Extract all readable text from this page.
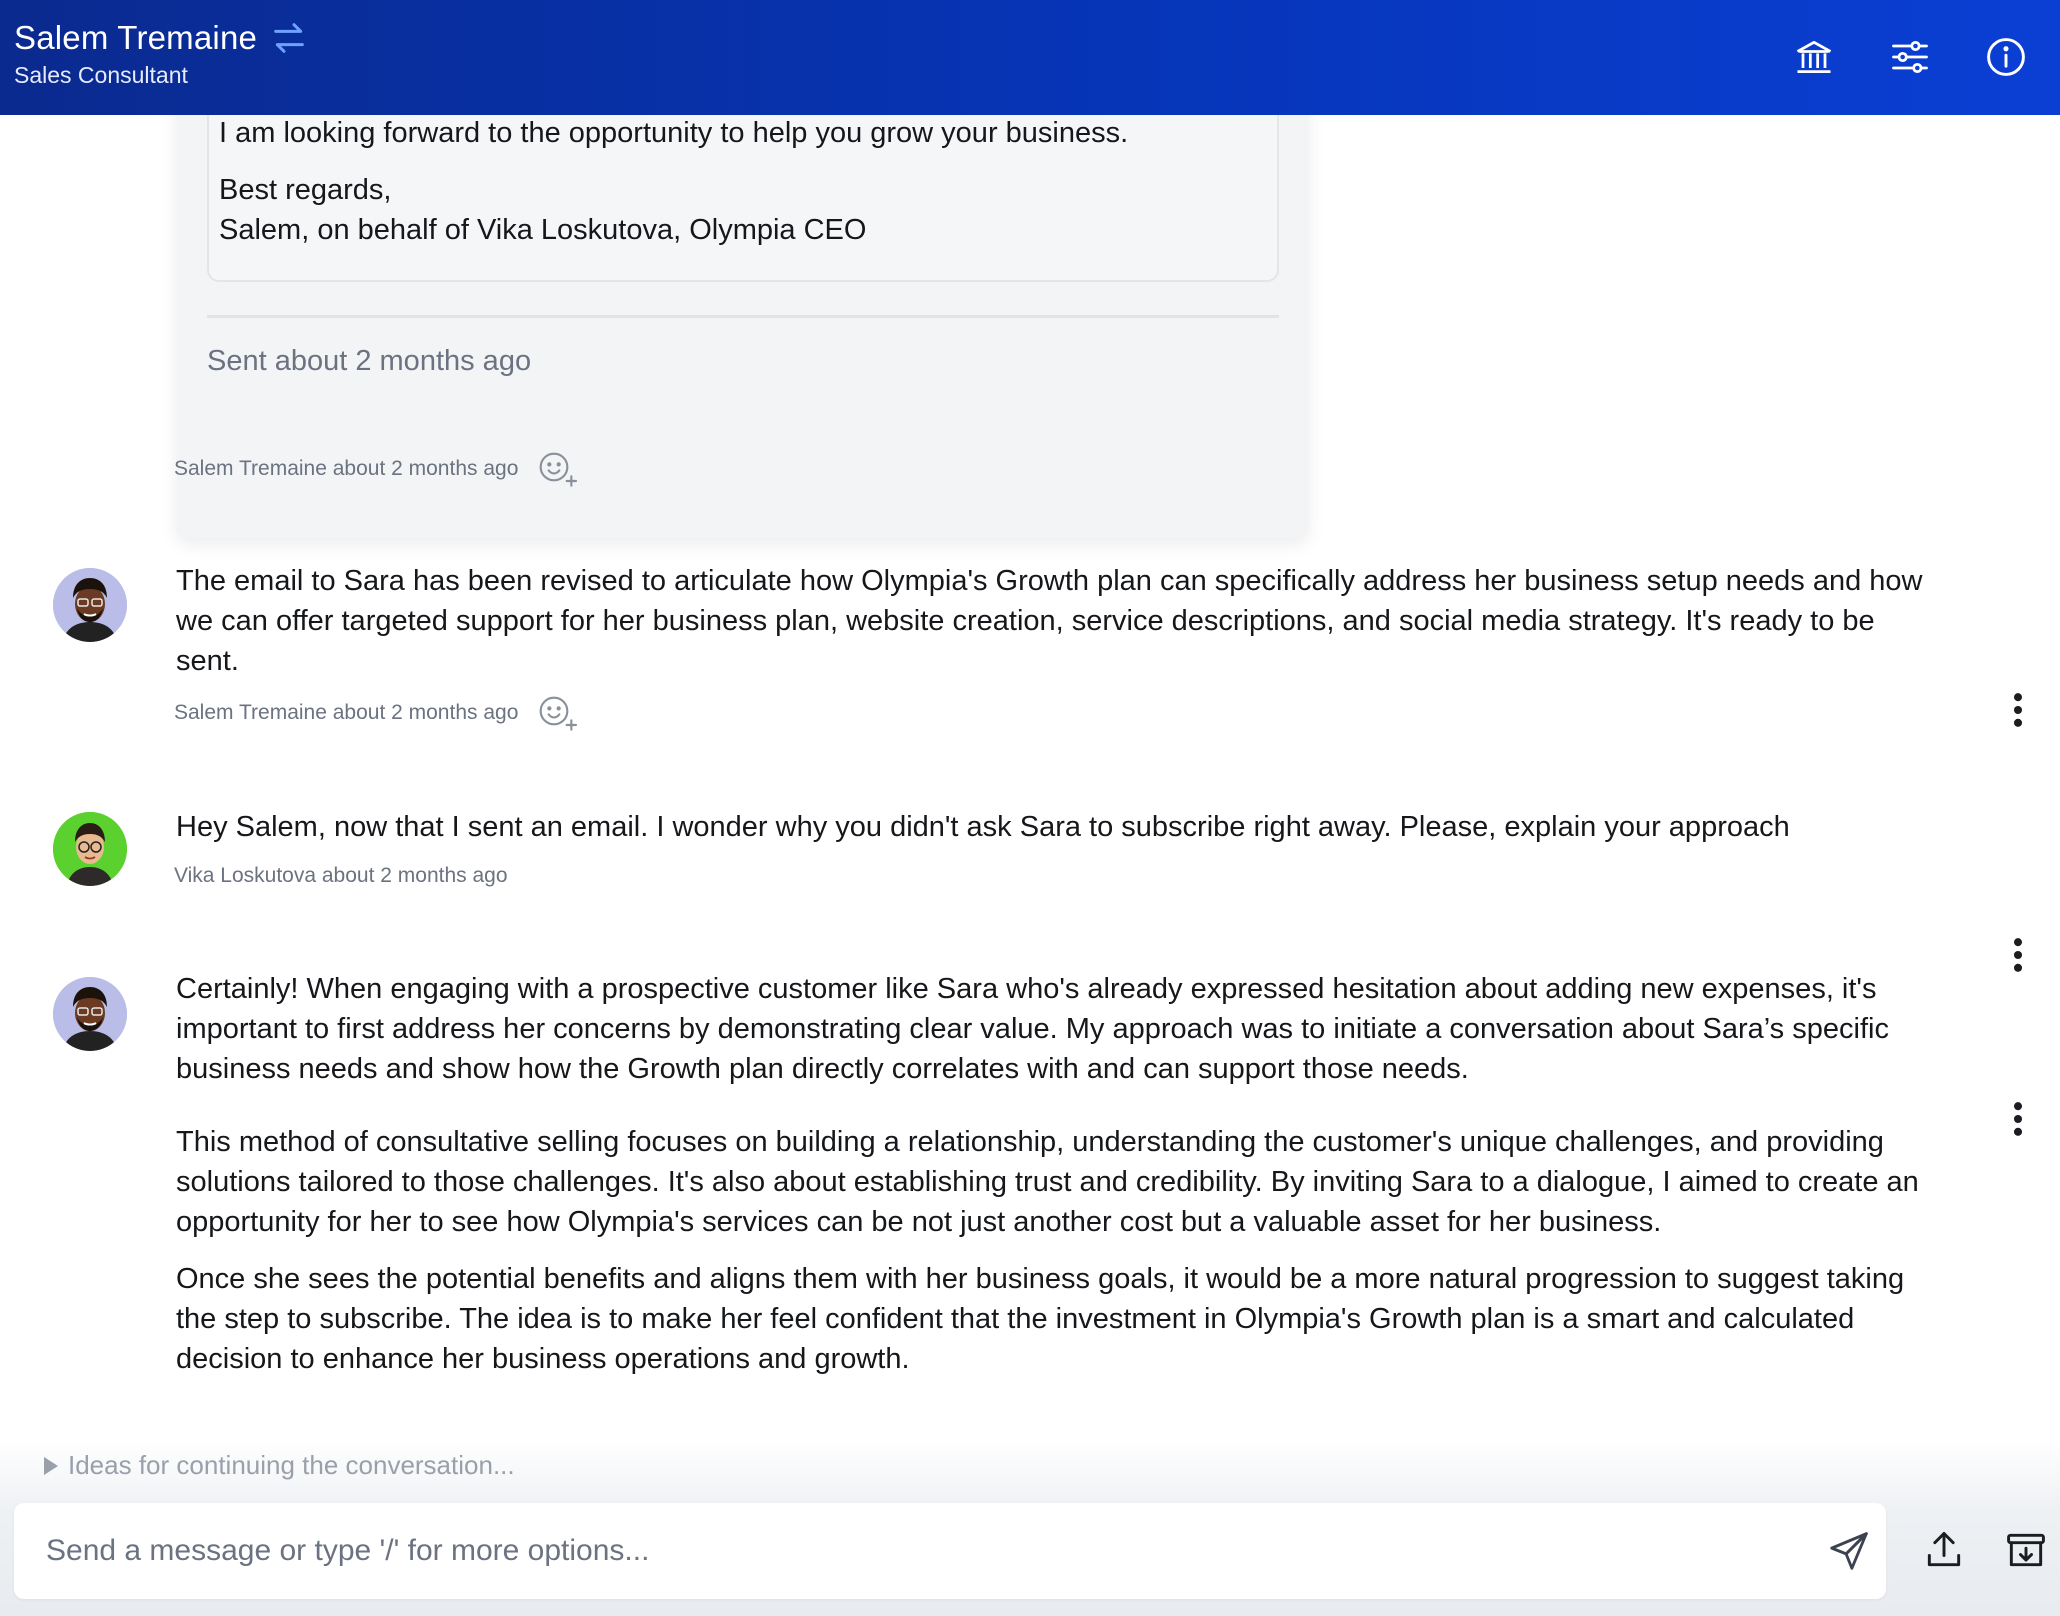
Salem Tremaine
Sales Consultant

I am looking forward to the opportunity to help you grow your business.

Best regards,
Salem, on behalf of Vika Loskutova, Olympia CEO

Sent about 2 months ago
Salem Tremaine about 2 months ago

The email to Sara has been revised to articulate how Olympia's Growth plan can specifically address her business setup needs and how we can offer targeted support for her business plan, website creation, service descriptions, and social media strategy. It's ready to be sent.

Salem Tremaine about 2 months ago

Hey Salem, now that I sent an email. I wonder why you didn't ask Sara to subscribe right away. Please, explain your approach

Vika Loskutova about 2 months ago

Certainly! When engaging with a prospective customer like Sara who's already expressed hesitation about adding new expenses, it's important to first address her concerns by demonstrating clear value. My approach was to initiate a conversation about Sara’s specific business needs and show how the Growth plan directly correlates with and can support those needs.

This method of consultative selling focuses on building a relationship, understanding the customer's unique challenges, and providing solutions tailored to those challenges. It's also about establishing trust and credibility. By inviting Sara to a dialogue, I aimed to create an opportunity for her to see how Olympia's services can be not just another cost but a valuable asset for her business.

Once she sees the potential benefits and aligns them with her business goals, it would be a more natural progression to suggest taking the step to subscribe. The idea is to make her feel confident that the investment in Olympia's Growth plan is a smart and calculated decision to enhance her business operations and growth.

Ideas for continuing the conversation...
Send a message or type '/' for more options...
